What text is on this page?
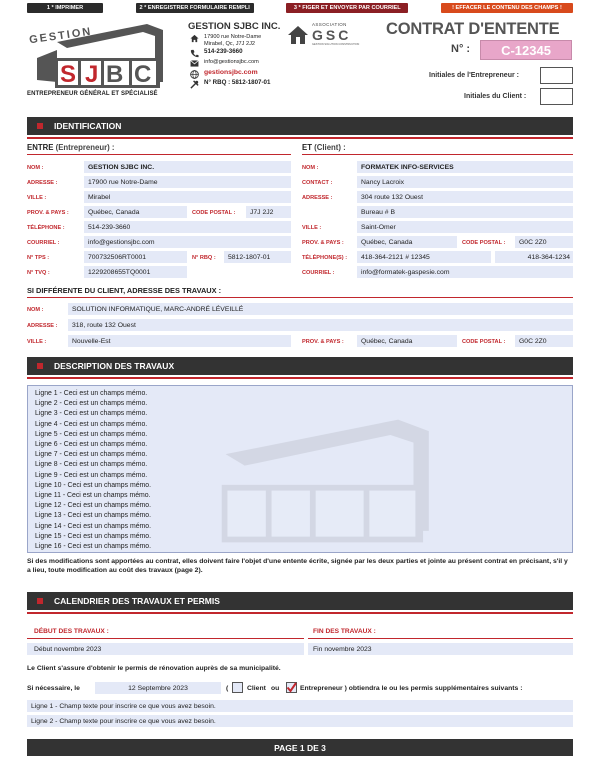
1 * IMPRIMER	2 * ENREGISTRER FORMULAIRE REMPLI	3 * FIGER ET ENVOYER PAR COURRIEL	! EFFACER LE CONTENU DES CHAMPS !
S J B C
GESTION
ENTREPRENEUR GÉNÉRAL ET SPÉCIALISÉ
GESTION SJBC INC.
17900 rue Notre-Dame
Mirabel, Qc, J7J 2J2
514-239-3660
info@gestionsjbc.com
gestionsjbc.com
N° RBQ : 5812-1807-01
ASSOCIATION
GSC
GESTION SOLUTION CONSTRUCTION
CONTRAT D'ENTENTE
N° :	C-12345
Initiales de l'Entrepreneur :
Initiales du Client :
IDENTIFICATION
ENTRE (Entrepreneur) :	ET (Client) :
NOM :	GESTION SJBC INC.
ADRESSE :	17900 rue Notre-Dame
VILLE :	Mirabel
PROV. & PAYS :	Québec, Canada	CODE POSTAL :	J7J 2J2
TÉLÉPHONE :	514-239-3660
COURRIEL :	info@gestionsjbc.com
N° TPS :	700732506RT0001	N° RBQ :	5812-1807-01
N° TVQ :	1229208655TQ0001
NOM :	FORMATEK INFO-SERVICES
CONTACT :	Nancy Lacroix
ADRESSE :	304 route 132 Ouest
Bureau # B
VILLE :	Saint-Omer
PROV. & PAYS :	Québec, Canada	CODE POSTAL :	G0C 2Z0
TÉLÉPHONE(S) :	418-364-2121 # 12345	418-364-1234
COURRIEL :	info@formatek-gaspesie.com
SI DIFFÉRENTE DU CLIENT, ADRESSE DES TRAVAUX :
NOM :	SOLUTION INFORMATIQUE, MARC-ANDRÉ LÉVEILLÉ
ADRESSE :	318, route 132 Ouest
VILLE :	Nouvelle-Est	PROV. & PAYS :	Québec, Canada	CODE POSTAL :	G0C 2Z0
DESCRIPTION DES TRAVAUX
Ligne 1 - Ceci est un champs mémo.
Ligne 2 - Ceci est un champs mémo.
Ligne 3 - Ceci est un champs mémo.
Ligne 4 - Ceci est un champs mémo.
Ligne 5 - Ceci est un champs mémo.
Ligne 6 - Ceci est un champs mémo.
Ligne 7 - Ceci est un champs mémo.
Ligne 8 - Ceci est un champs mémo.
Ligne 9 - Ceci est un champs mémo.
Ligne 10 - Ceci est un champs mémo.
Ligne 11 - Ceci est un champs mémo.
Ligne 12 - Ceci est un champs mémo.
Ligne 13 - Ceci est un champs mémo.
Ligne 14 - Ceci est un champs mémo.
Ligne 15 - Ceci est un champs mémo.
Ligne 16 - Ceci est un champs mémo.
Si des modifications sont apportées au contrat, elles doivent faire l'objet d'une entente écrite, signée par les deux parties et jointe au présent contrat en précisant, s'il y a lieu, toute modification au coût des travaux (page 2).
CALENDRIER DES TRAVAUX ET PERMIS
DÉBUT DES TRAVAUX :
Début novembre 2023
FIN DES TRAVAUX :
Fin novembre 2023
Le Client s'assure d'obtenir le permis de rénovation auprès de sa municipalité.
Si nécessaire, le	12 Septembre 2023	(	Client ou	Entrepreneur ) obtiendra le ou les permis supplémentaires suivants :
Ligne 1 - Champ texte pour inscrire ce que vous avez besoin.
Ligne 2 - Champ texte pour inscrire ce que vous avez besoin.
PAGE 1 DE 3
